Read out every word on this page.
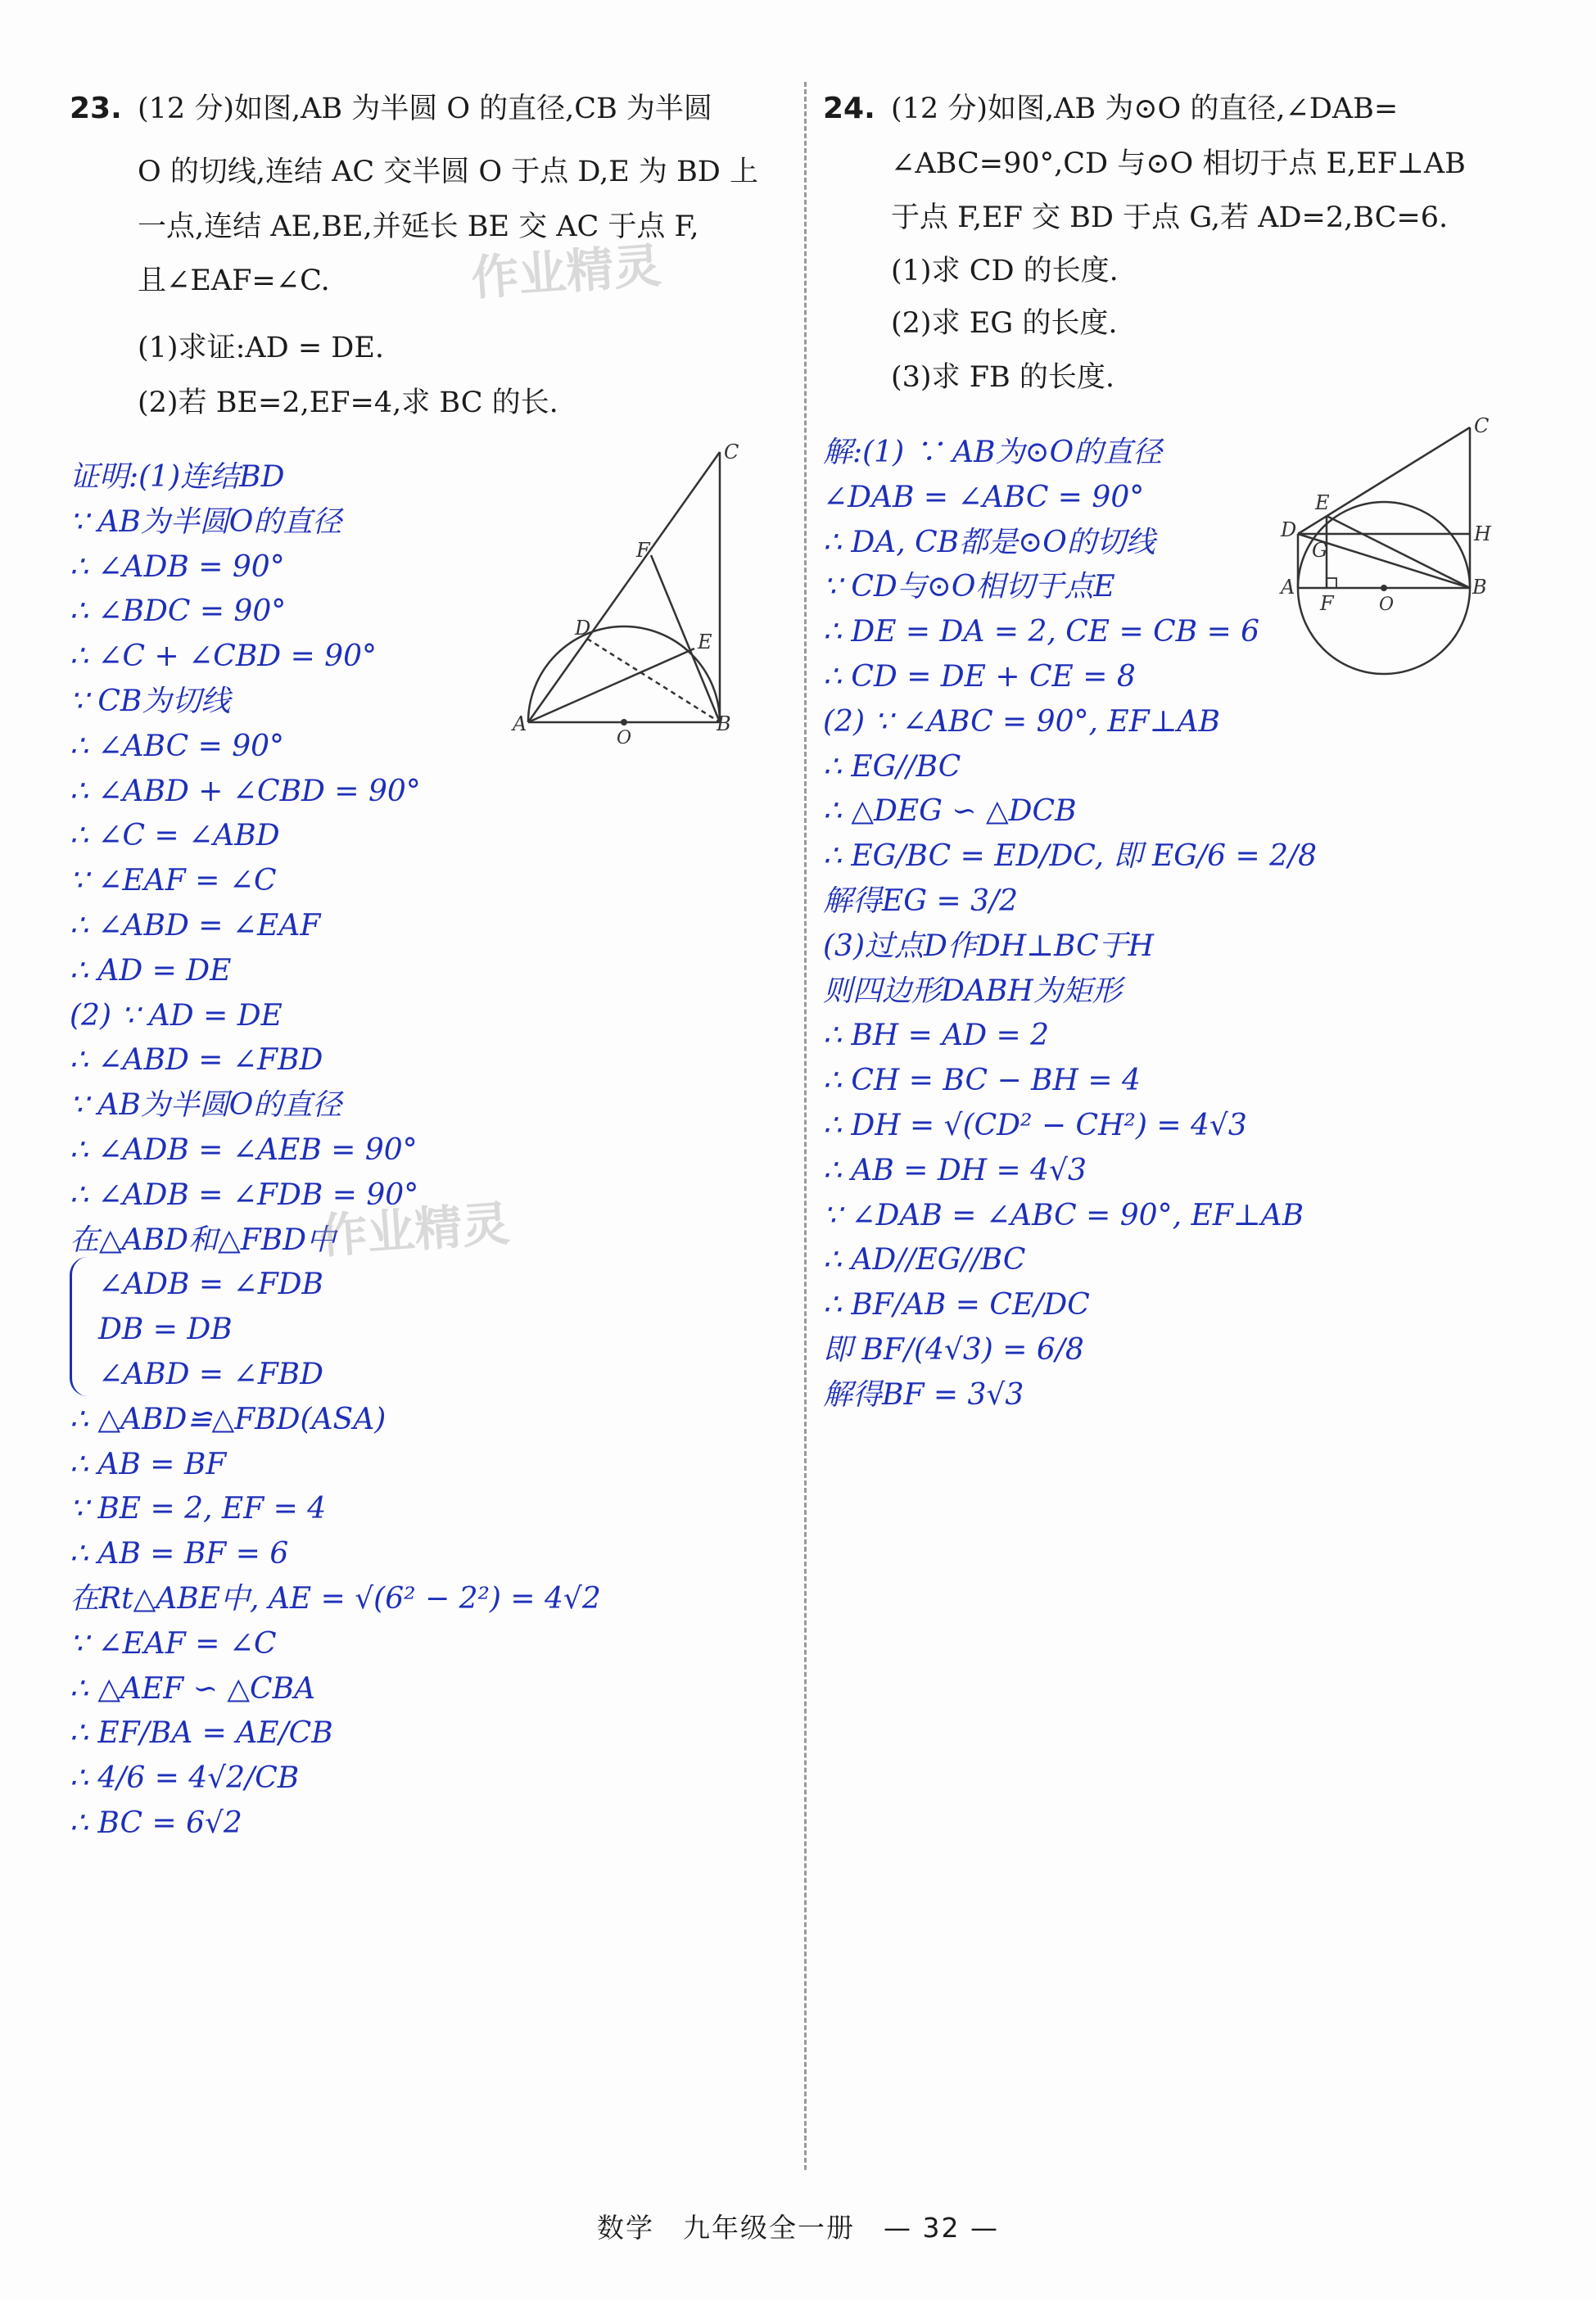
23. (12 分)如图,AB 为半圆 O 的直径,CB 为半圆
O 的切线,连结 AC 交半圆 O 于点 D,E 为 BD 上
一点,连结 AE,BE,并延长 BE 交 AC 于点 F,
且∠EAF=∠C.
(1)求证:AD = DE.
(2)若 BE=2,EF=4,求 BC 的长.
作业精灵
证明:(1)连结BD
∵ AB为半圆O的直径
∴ ∠ADB = 90°
∴ ∠BDC = 90°
∴ ∠C + ∠CBD = 90°
∵ CB为切线
∴ ∠ABC = 90°
∴ ∠ABD + ∠CBD = 90°
∴ ∠C = ∠ABD
∵ ∠EAF = ∠C
∴ ∠ABD = ∠EAF
∴ AD = DE
(2) ∵ AD = DE
∴ ∠ABD = ∠FBD
∵ AB为半圆O的直径
∴ ∠ADB = ∠AEB = 90°
∴ ∠ADB = ∠FDB = 90°
在△ABD和△FBD中
∠ADB = ∠FDB
DB = DB
∠ABD = ∠FBD
∴ △ABD≌△FBD(ASA)
∴ AB = BF
∵ BE = 2, EF = 4
∴ AB = BF = 6
在Rt△ABE中, AE = √(6² − 2²) = 4√2
∵ ∠EAF = ∠C
∴ △AEF ∽ △CBA
∴ EF/BA = AE/CB
∴ 4/6 = 4√2/CB
∴ BC = 6√2
作业精灵
C
F
D
E
A
O
B
24. (12 分)如图,AB 为⊙O 的直径,∠DAB=
∠ABC=90°,CD 与⊙O 相切于点 E,EF⊥AB
于点 F,EF 交 BD 于点 G,若 AD=2,BC=6.
(1)求 CD 的长度.
(2)求 EG 的长度.
(3)求 FB 的长度.
解:(1) ∵ AB为⊙O的直径
∠DAB = ∠ABC = 90°
∴ DA, CB都是⊙O的切线
∵ CD与⊙O相切于点E
∴ DE = DA = 2, CE = CB = 6
∴ CD = DE + CE = 8
(2) ∵ ∠ABC = 90°, EF⊥AB
∴ EG//BC
∴ △DEG ∽ △DCB
∴ EG/BC = ED/DC, 即 EG/6 = 2/8
解得EG = 3/2
(3)过点D作DH⊥BC于H
则四边形DABH为矩形
∴ BH = AD = 2
∴ CH = BC − BH = 4
∴ DH = √(CD² − CH²) = 4√3
∴ AB = DH = 4√3
∵ ∠DAB = ∠ABC = 90°, EF⊥AB
∴ AD//EG//BC
∴ BF/AB = CE/DC
即 BF/(4√3) = 6/8
解得BF = 3√3
C
E
D	H
G
A
F	O
B
数学　九年级全一册　— 32 —
